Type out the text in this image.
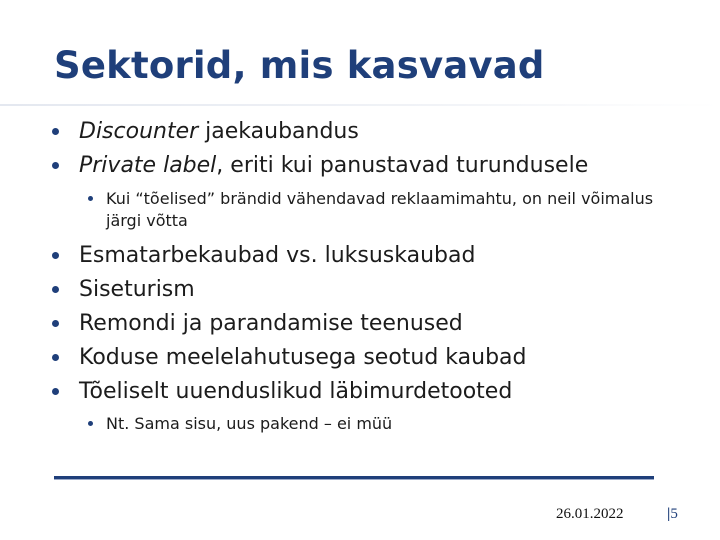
Sektorid, mis kasvavad
Discounter jaekaubandus
Private label, eriti kui panustavad turundusele
Kui “tõelised” brändid vähendavad reklaamimahtu, on neil võimalus järgi võtta
Esmatarbekaubad vs. luksuskaubad
Siseturism
Remondi ja parandamise teenused
Koduse meelelahutusega seotud kaubad
Tõeliselt uuenduslikud läbimurdetooted
Nt. Sama sisu, uus pakend – ei müü
26.01.2022	|5
